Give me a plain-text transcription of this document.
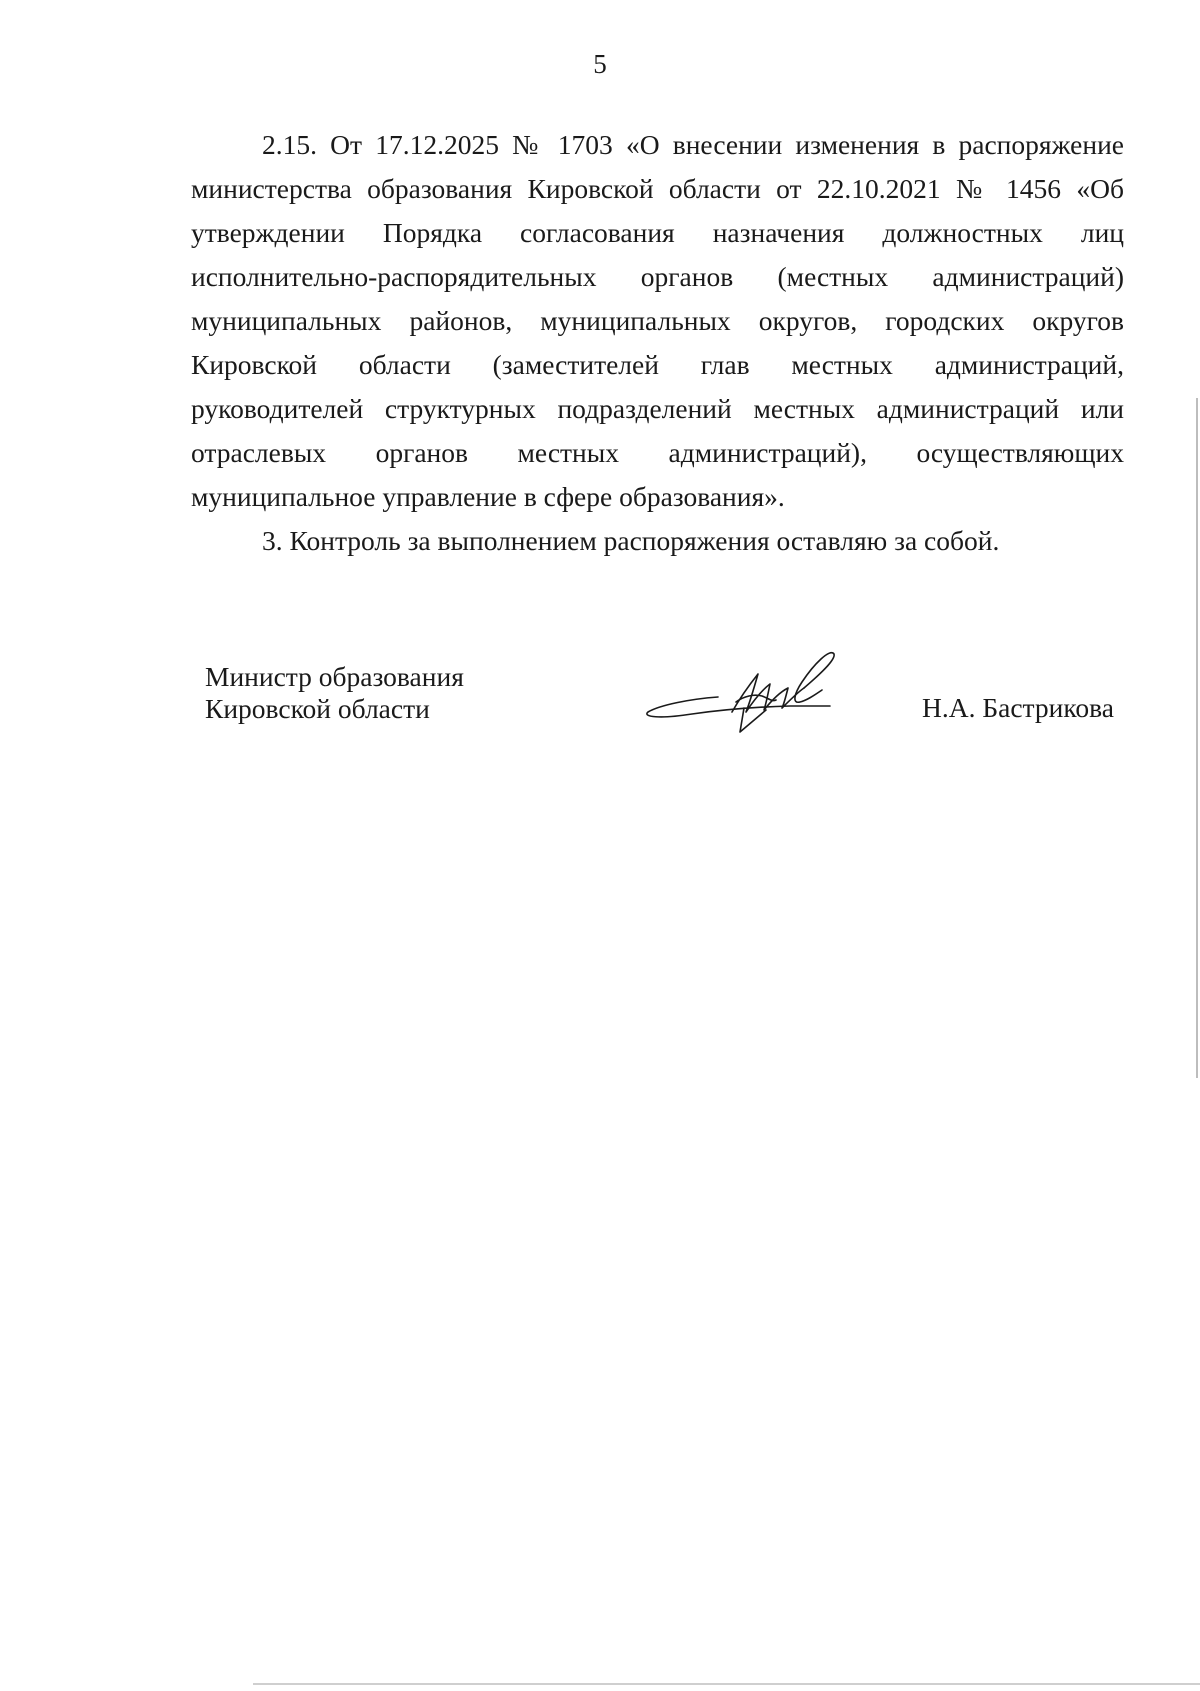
5

2.15. От 17.12.2025 № 1703 «О внесении изменения в распоряжение министерства образования Кировской области от 22.10.2021 № 1456 «Об утверждении Порядка согласования назначения должностных лиц исполнительно-распорядительных органов (местных администраций) муниципальных районов, муниципальных округов, городских округов Кировской области (заместителей глав местных администраций, руководителей структурных подразделений местных администраций или отраслевых органов местных администраций), осуществляющих муниципальное управление в сфере образования».

3. Контроль за выполнением распоряжения оставляю за собой.

Министр образования
Кировской области	Н.А. Бастрикова
